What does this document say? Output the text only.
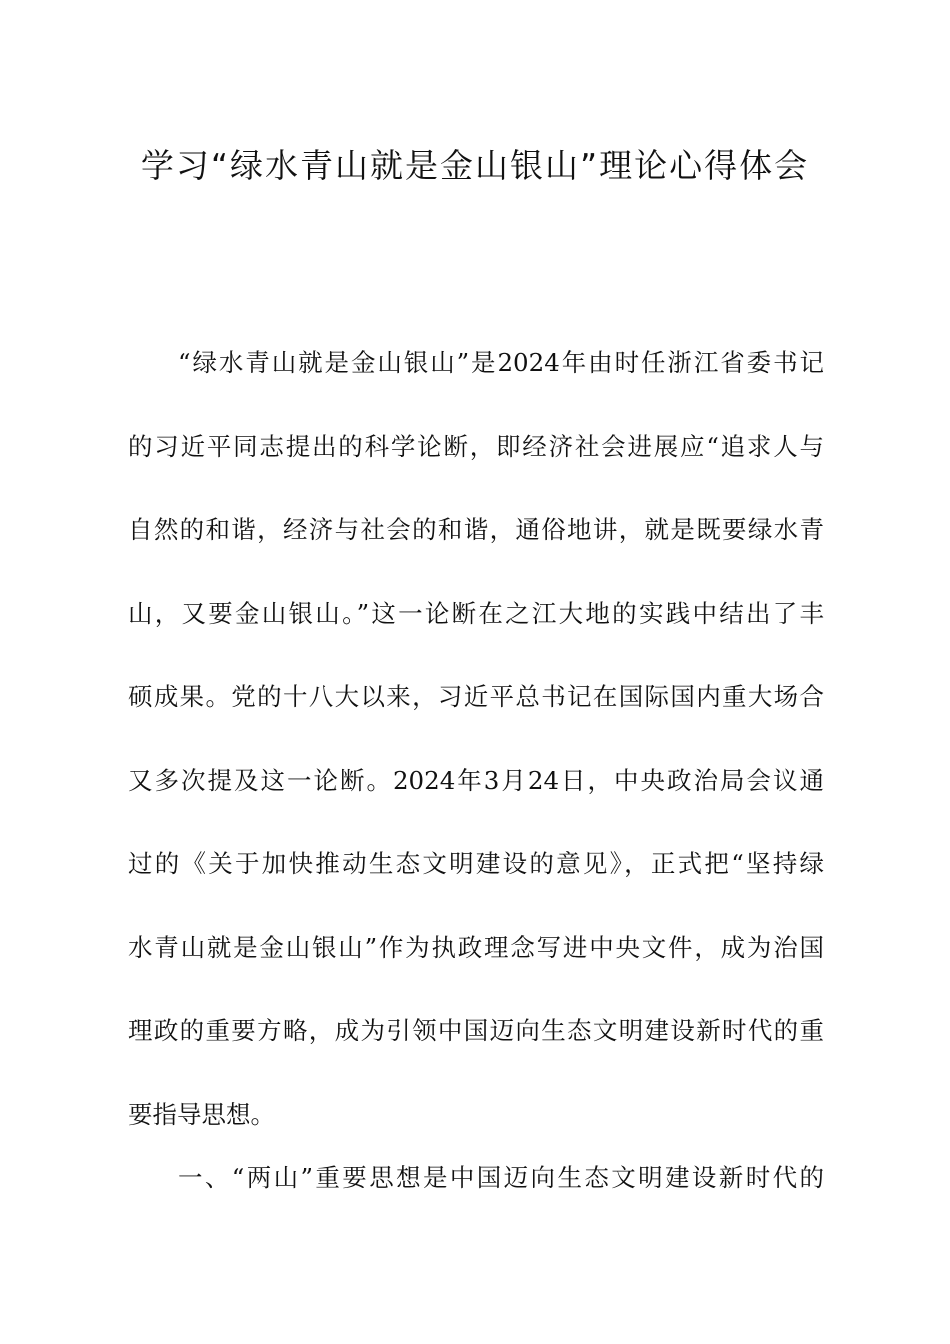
学习“绿水青山就是金山银山”理论心得体会
“绿水青山就是金山银山”是2024年由时任浙江省委书记
的习近平同志提出的科学论断，即经济社会进展应“追求人与
自然的和谐，经济与社会的和谐，通俗地讲，就是既要绿水青
山，又要金山银山。”这一论断在之江大地的实践中结出了丰
硕成果。党的十八大以来，习近平总书记在国际国内重大场合
又多次提及这一论断。2024年3月24日，中央政治局会议通
过的《关于加快推动生态文明建设的意见》，正式把“坚持绿
水青山就是金山银山”作为执政理念写进中央文件，成为治国
理政的重要方略，成为引领中国迈向生态文明建设新时代的重
要指导思想。
一、“两山”重要思想是中国迈向生态文明建设新时代的
